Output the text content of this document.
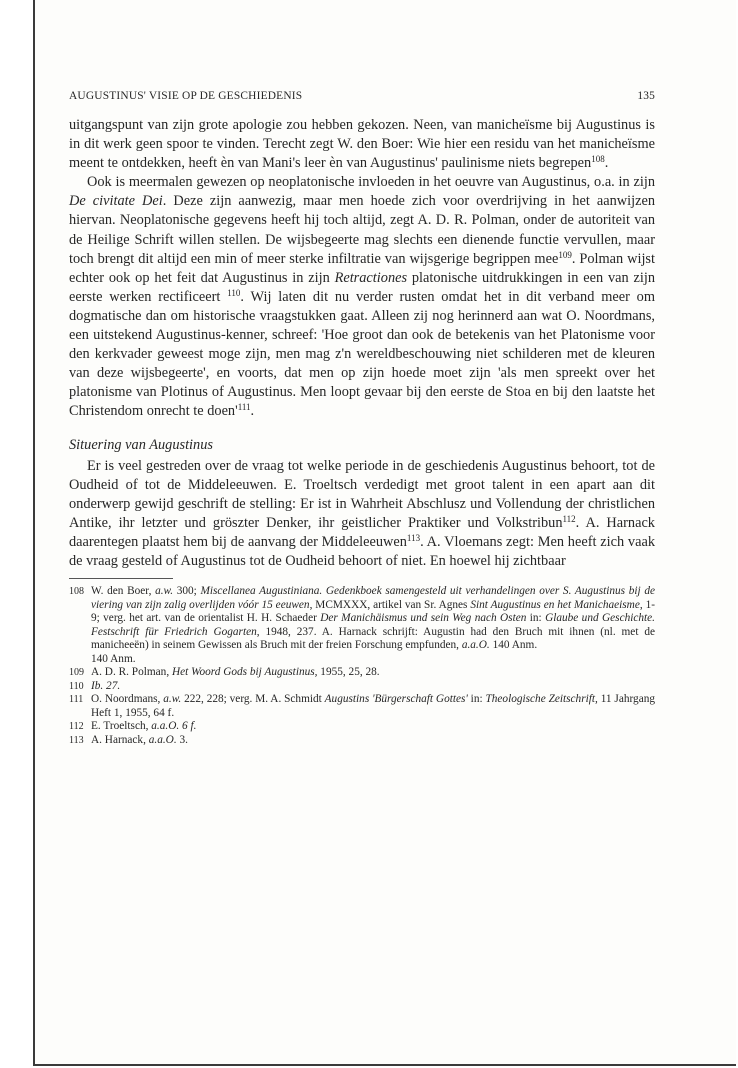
AUGUSTINUS' VISIE OP DE GESCHIEDENIS	135

uitgangspunt van zijn grote apologie zou hebben gekozen. Neen, van manicheïsme bij Augustinus is in dit werk geen spoor te vinden. Terecht zegt W. den Boer: Wie hier een residu van het manicheïsme meent te ontdekken, heeft èn van Mani's leer èn van Augustinus' paulinisme niets begrepen$^{108}$.

Ook is meermalen gewezen op neoplatonische invloeden in het oeuvre van Augustinus, o.a. in zijn De civitate Dei. Deze zijn aanwezig, maar men hoede zich voor overdrijving in het aanwijzen hiervan. Neoplatonische gegevens heeft hij toch altijd, zegt A. D. R. Polman, onder de autoriteit van de Heilige Schrift willen stellen. De wijsbegeerte mag slechts een dienende functie vervullen, maar toch brengt dit altijd een min of meer sterke infiltratie van wijsgerige begrippen mee$^{109}$. Polman wijst echter ook op het feit dat Augustinus in zijn Retractiones platonische uitdrukkingen in een van zijn eerste werken rectificeert $^{110}$. Wij laten dit nu verder rusten omdat het in dit verband meer om dogmatische dan om historische vraagstukken gaat. Alleen zij nog herinnerd aan wat O. Noordmans, een uitstekend Augustinus-kenner, schreef: 'Hoe groot dan ook de betekenis van het Platonisme voor den kerkvader geweest moge zijn, men mag z'n wereldbeschouwing niet schilderen met de kleuren van deze wijsbegeerte', en voorts, dat men op zijn hoede moet zijn 'als men spreekt over het platonisme van Plotinus of Augustinus. Men loopt gevaar bij den eerste de Stoa en bij den laatste het Christendom onrecht te $doen'^{111}$.

Situering van Augustinus

Er is veel gestreden over de vraag tot welke periode in de geschiedenis Augustinus behoort, tot de Oudheid of tot de Middeleeuwen. E. Troeltsch verdedigt met groot talent in een apart aan dit onderwerp gewijd geschrift de stelling: Er ist in Wahrheit Abschlusz und Vollendung der christlichen Antike, ihr letzter und gröszter Denker, ihr geistlicher Praktiker und Volkstribun$^{112}$. A. Harnack daarentegen plaatst hem bij de aanvang der Middeleeuwen$^{113}$. A. Vloemans zegt: Men heeft zich vaak de vraag gesteld of Augustinus tot de Oudheid behoort of niet. En hoewel hij zichtbaar

108 W. den Boer, a.w. 300; Miscellanea Augustiniana. Gedenkboek samengesteld uit verhandelingen over S. Augustinus bij de viering van zijn zalig overlijden vóór 15 eeuwen, MCMXXX, artikel van Sr. Agnes Sint Augustinus en het Manichaeisme, 1-9; verg. het art. van de orientalist H. H. Schaeder Der Manichäismus und sein Weg nach Osten in: Glaube und Geschichte. Festschrift für Friedrich Gogarten, 1948, 237. A. Harnack schrijft: Augustin had den Bruch mit ihnen (nl. met de manicheeën) in seinem Gewissen als Bruch mit der freien Forschung empfunden, a.a.O. 140 Anm.
140 Anm.
109 A. D. R. Polman, Het Woord Gods bij Augustinus, 1955, 25, 28.
110 Ib. 27.
111 O. Noordmans, a.w. 222, 228; verg. M. A. Schmidt Augustins 'Bürgerschaft Gottes' in: Theologische Zeitschrift, 11 Jahrgang Heft 1, 1955, 64 f.
112 E. Troeltsch, a.a.O. 6 f.
113 A. Harnack, a.a.O. 3.
